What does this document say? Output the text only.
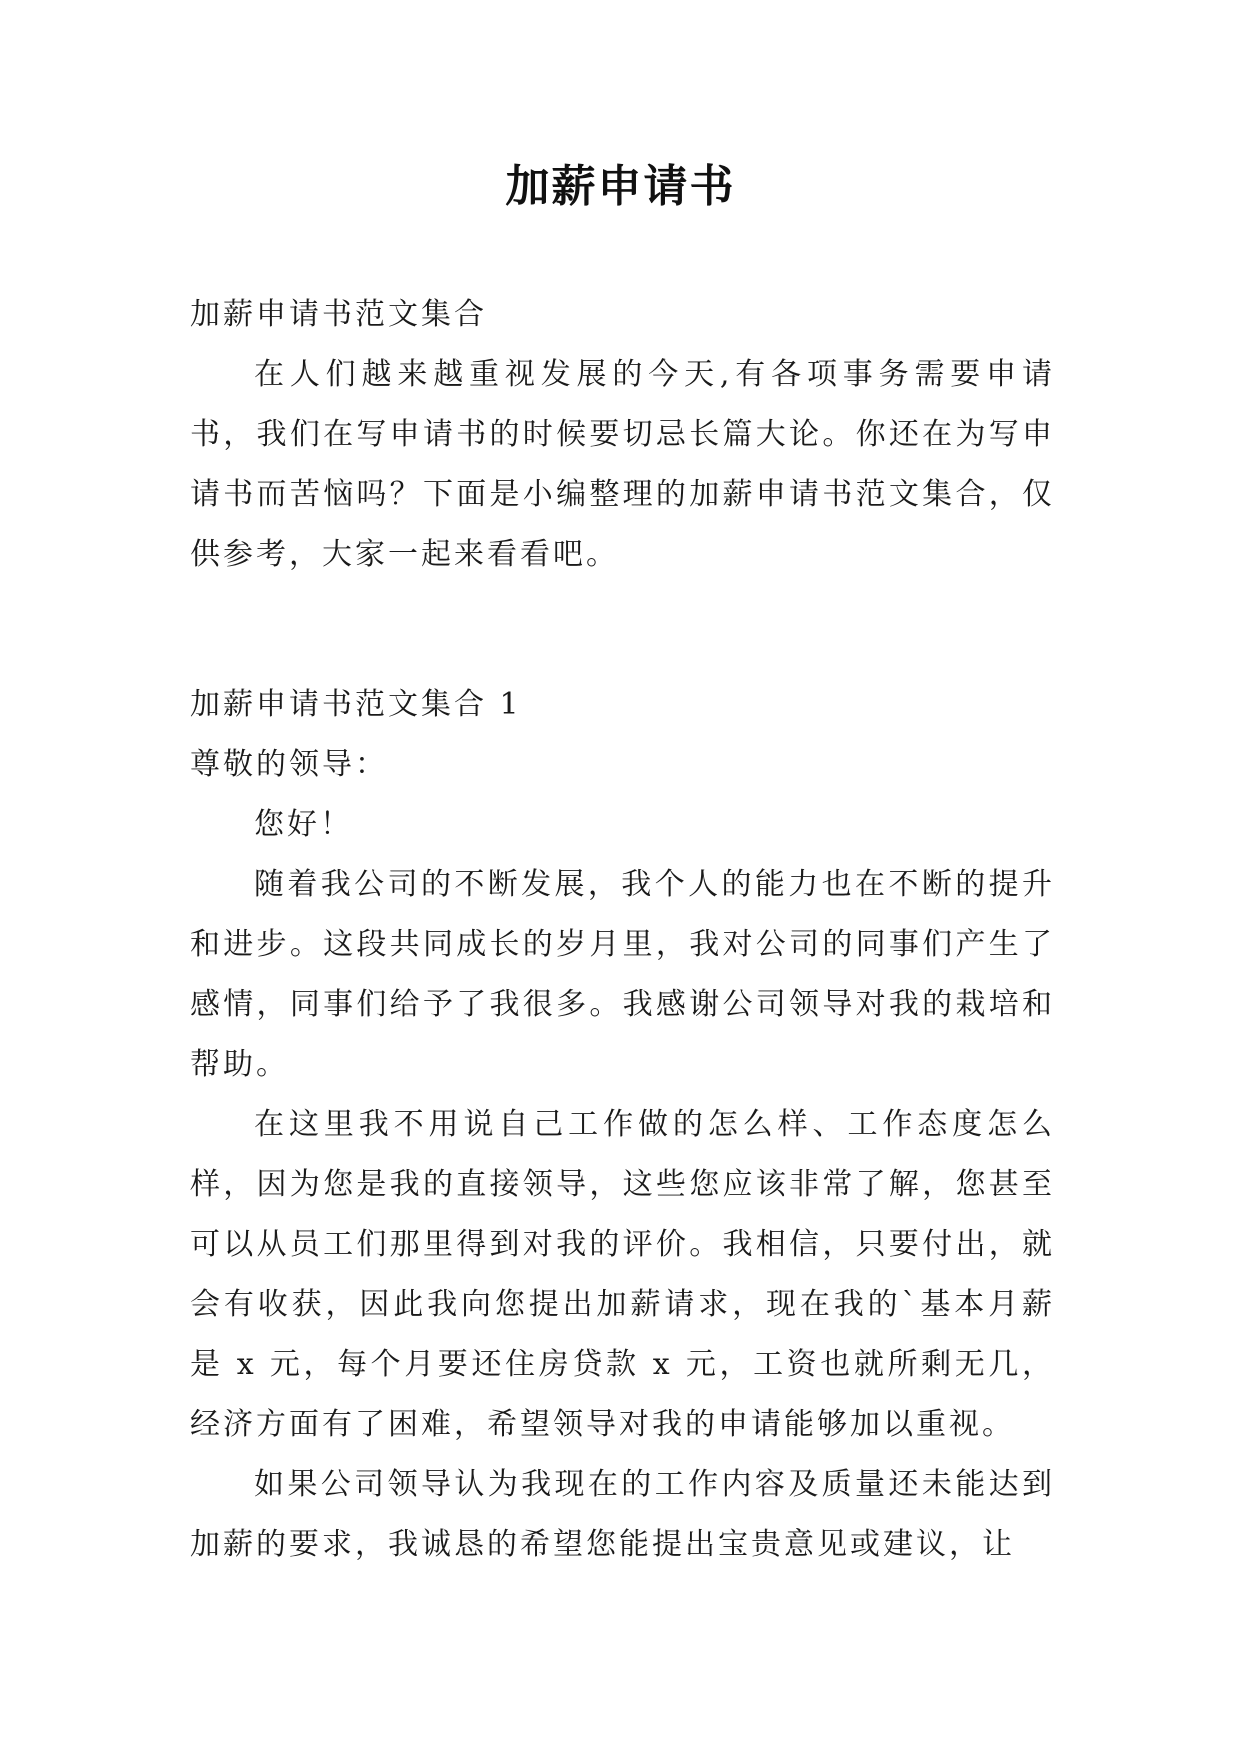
加薪申请书

加薪申请书范文集合

在人们越来越重视发展的今天,有各项事务需要申请书，我们在写申请书的时候要切忌长篇大论。你还在为写申请书而苦恼吗？下面是小编整理的加薪申请书范文集合，仅供参考，大家一起来看看吧。

加薪申请书范文集合 1

尊敬的领导：

您好！

随着我公司的不断发展，我个人的能力也在不断的提升和进步。这段共同成长的岁月里，我对公司的同事们产生了感情，同事们给予了我很多。我感谢公司领导对我的栽培和帮助。

在这里我不用说自己工作做的怎么样、工作态度怎么样，因为您是我的直接领导，这些您应该非常了解，您甚至可以从员工们那里得到对我的评价。我相信，只要付出，就会有收获，因此我向您提出加薪请求，现在我的`基本月薪是 x 元，每个月要还住房贷款 x 元，工资也就所剩无几，经济方面有了困难，希望领导对我的申请能够加以重视。

如果公司领导认为我现在的工作内容及质量还未能达到加薪的要求，我诚恳的希望您能提出宝贵意见或建议，让
